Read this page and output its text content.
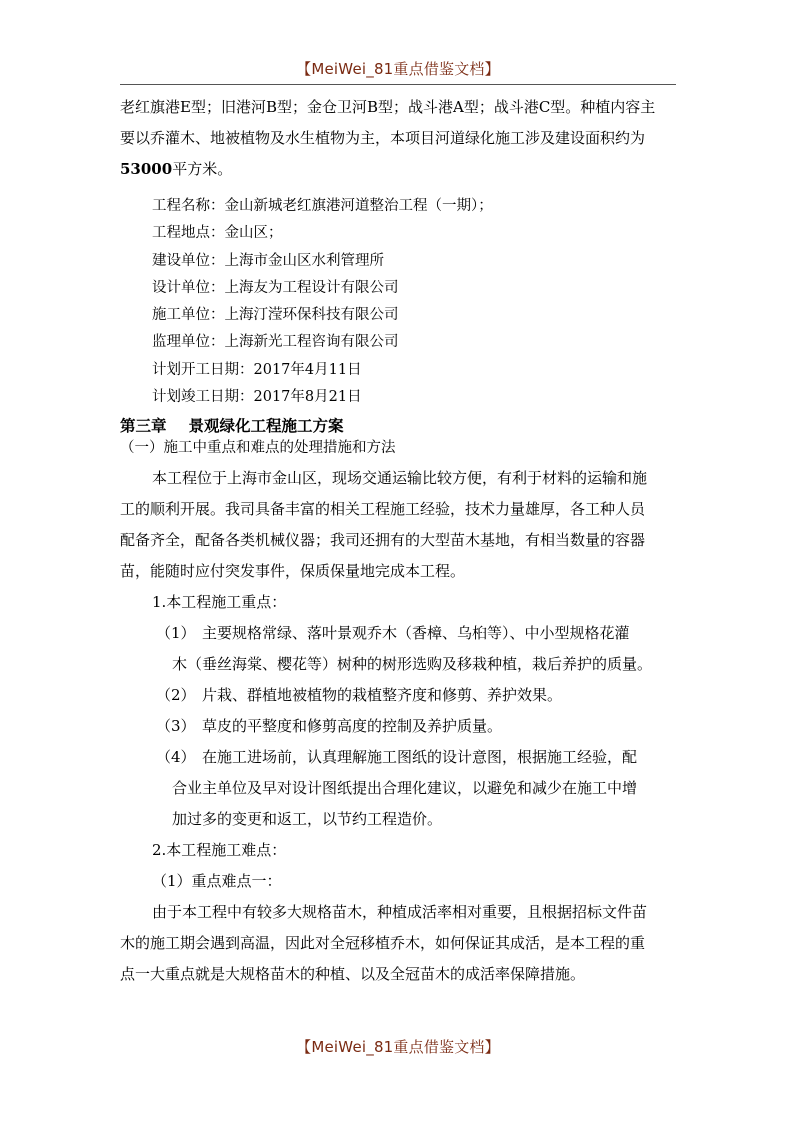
【MeiWei_81重点借鉴文档】

老红旗港E型；旧港河B型；金仓卫河B型；战斗港A型；战斗港C型。种植内容主

要以乔灌木、地被植物及水生植物为主，本项目河道绿化施工涉及建设面积约为

53000平方米。

工程名称：金山新城老红旗港河道整治工程（一期）；

工程地点：金山区；

建设单位：上海市金山区水利管理所

设计单位：上海友为工程设计有限公司

施工单位：上海汀滢环保科技有限公司

监理单位：上海新光工程咨询有限公司

计划开工日期：2017年4月11日

计划竣工日期：2017年8月21日

第三章 景观绿化工程施工方案

（一）施工中重点和难点的处理措施和方法

本工程位于上海市金山区，现场交通运输比较方便，有利于材料的运输和施

工的顺利开展。我司具备丰富的相关工程施工经验，技术力量雄厚，各工种人员

配备齐全，配备各类机械仪器；我司还拥有的大型苗木基地，有相当数量的容器

苗，能随时应付突发事件，保质保量地完成本工程。

1.本工程施工重点：

（1） 主要规格常绿、落叶景观乔木（香樟、乌桕等）、中小型规格花灌
木（垂丝海棠、樱花等）树种的树形选购及移栽种植，栽后养护的质量。
（2） 片栽、群植地被植物的栽植整齐度和修剪、养护效果。
（3） 草皮的平整度和修剪高度的控制及养护质量。
（4） 在施工进场前，认真理解施工图纸的设计意图，根据施工经验，配
合业主单位及早对设计图纸提出合理化建议，以避免和减少在施工中增
加过多的变更和返工，以节约工程造价。

2.本工程施工难点：

（1）重点难点一：

由于本工程中有较多大规格苗木，种植成活率相对重要，且根据招标文件苗

木的施工期会遇到高温，因此对全冠移植乔木，如何保证其成活，是本工程的重

点一大重点就是大规格苗木的种植、以及全冠苗木的成活率保障措施。

【MeiWei_81重点借鉴文档】
